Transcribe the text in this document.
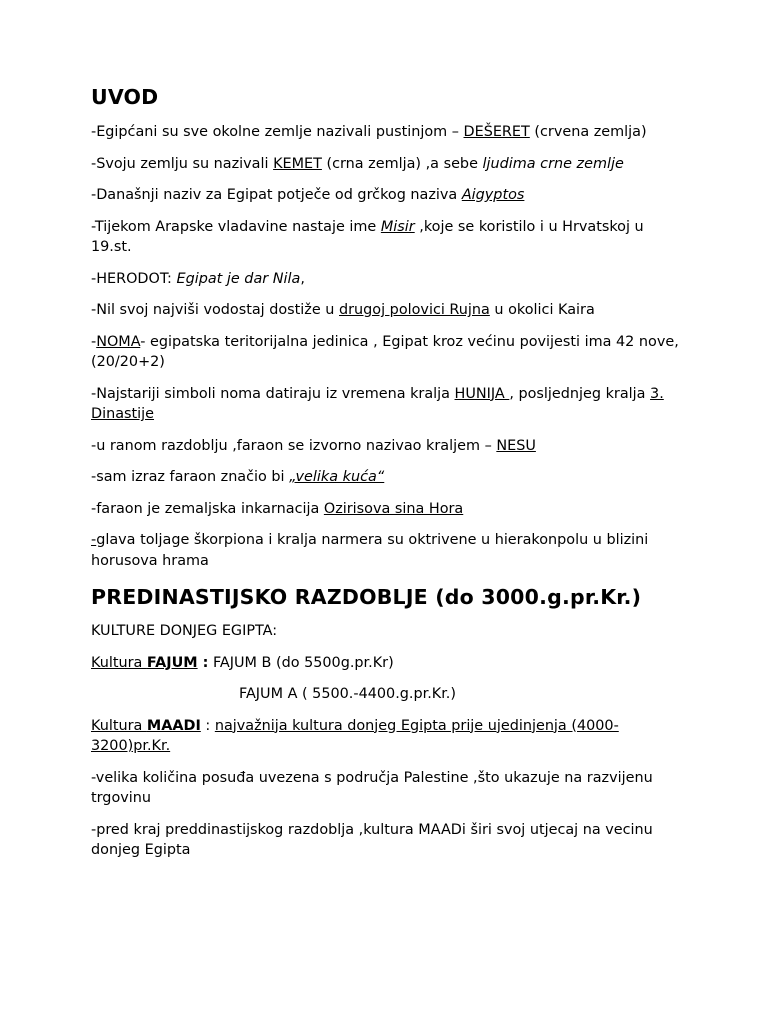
UVOD

-Egipćani su sve okolne zemlje nazivali pustinjom – DEŠERET (crvena zemlja)

-Svoju zemlju su nazivali KEMET (crna zemlja) ,a sebe ljudima crne zemlje

-Današnji naziv za Egipat potječe od grčkog naziva Aigyptos

-Tijekom Arapske vladavine nastaje ime Misir ,koje se koristilo i u Hrvatskoj u 19.st.

-HERODOT: Egipat je dar Nila,

-Nil svoj najviši vodostaj dostiže u drugoj polovici Rujna u okolici Kaira

-NOMA- egipatska teritorijalna jedinica , Egipat kroz većinu povijesti ima 42 nove,(20/20+2)

-Najstariji simboli noma datiraju iz vremena kralja HUNIJA , posljednjeg kralja 3. Dinastije

-u ranom razdoblju ,faraon se izvorno nazivao kraljem – NESU

-sam izraz faraon značio bi „velika kuća“

-faraon je zemaljska inkarnacija Ozirisova sina Hora

-glava toljage škorpiona i kralja narmera su oktrivene u hierakonpolu u blizini horusova hrama

PREDINASTIJSKO RAZDOBLJE (do 3000.g.pr.Kr.)

KULTURE DONJEG EGIPTA:

Kultura FAJUM : FAJUM B (do 5500g.pr.Kr)

FAJUM A ( 5500.-4400.g.pr.Kr.)

Kultura MAADI : najvažnija kultura donjeg Egipta prije ujedinjenja (4000-3200)pr.Kr.

-velika količina posuđa uvezena s područja Palestine ,što ukazuje na razvijenu trgovinu

-pred kraj preddinastijskog razdoblja ,kultura MAADi širi svoj utjecaj na vecinu donjeg Egipta
